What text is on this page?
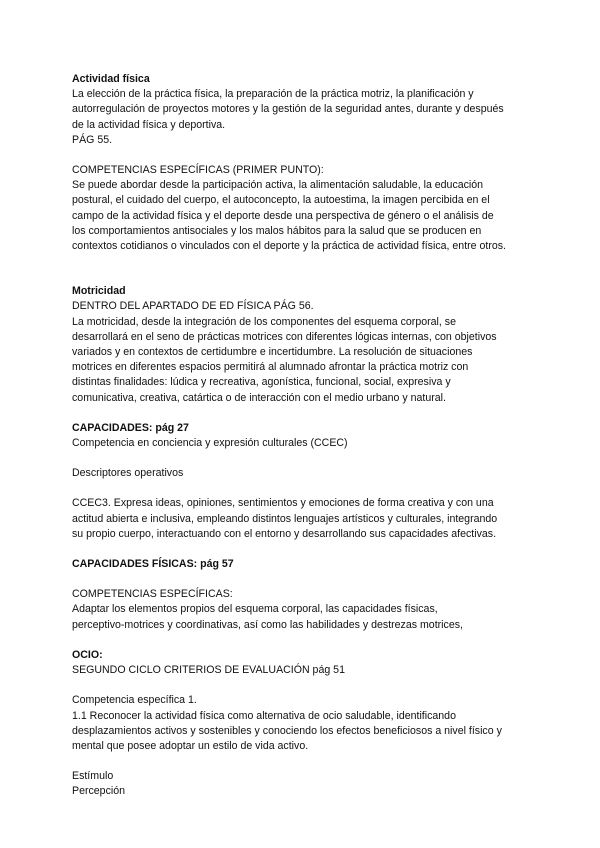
Actividad física

La elección de la práctica física, la preparación de la práctica motriz, la planificación y

autorregulación de proyectos motores y la gestión de la seguridad antes, durante y después

de la actividad física y deportiva.

PÁG 55.

COMPETENCIAS ESPECÍFICAS (PRIMER PUNTO):

Se puede abordar desde la participación activa, la alimentación saludable, la educación

postural, el cuidado del cuerpo, el autoconcepto, la autoestima, la imagen percibida en el

campo de la actividad física y el deporte desde una perspectiva de género o el análisis de

los comportamientos antisociales y los malos hábitos para la salud que se producen en

contextos cotidianos o vinculados con el deporte y la práctica de actividad física, entre otros.

Motricidad

DENTRO DEL APARTADO DE ED FÍSICA PÁG 56.

La motricidad, desde la integración de los componentes del esquema corporal, se

desarrollará en el seno de prácticas motrices con diferentes lógicas internas, con objetivos

variados y en contextos de certidumbre e incertidumbre. La resolución de situaciones

motrices en diferentes espacios permitirá al alumnado afrontar la práctica motriz con

distintas finalidades: lúdica y recreativa, agonística, funcional, social, expresiva y

comunicativa, creativa, catártica o de interacción con el medio urbano y natural.

CAPACIDADES: pág 27

Competencia en conciencia y expresión culturales (CCEC)

Descriptores operativos

CCEC3. Expresa ideas, opiniones, sentimientos y emociones de forma creativa y con una

actitud abierta e inclusiva, empleando distintos lenguajes artísticos y culturales, integrando

su propio cuerpo, interactuando con el entorno y desarrollando sus capacidades afectivas.

CAPACIDADES FÍSICAS: pág 57

COMPETENCIAS ESPECÍFICAS:

Adaptar los elementos propios del esquema corporal, las capacidades físicas,

perceptivo-motrices y coordinativas, así como las habilidades y destrezas motrices,

OCIO:

SEGUNDO CICLO CRITERIOS DE EVALUACIÓN pág 51

Competencia específica 1.

1.1 Reconocer la actividad física como alternativa de ocio saludable, identificando

desplazamientos activos y sostenibles y conociendo los efectos beneficiosos a nivel físico y

mental que posee adoptar un estilo de vida activo.

Estímulo

Percepción
